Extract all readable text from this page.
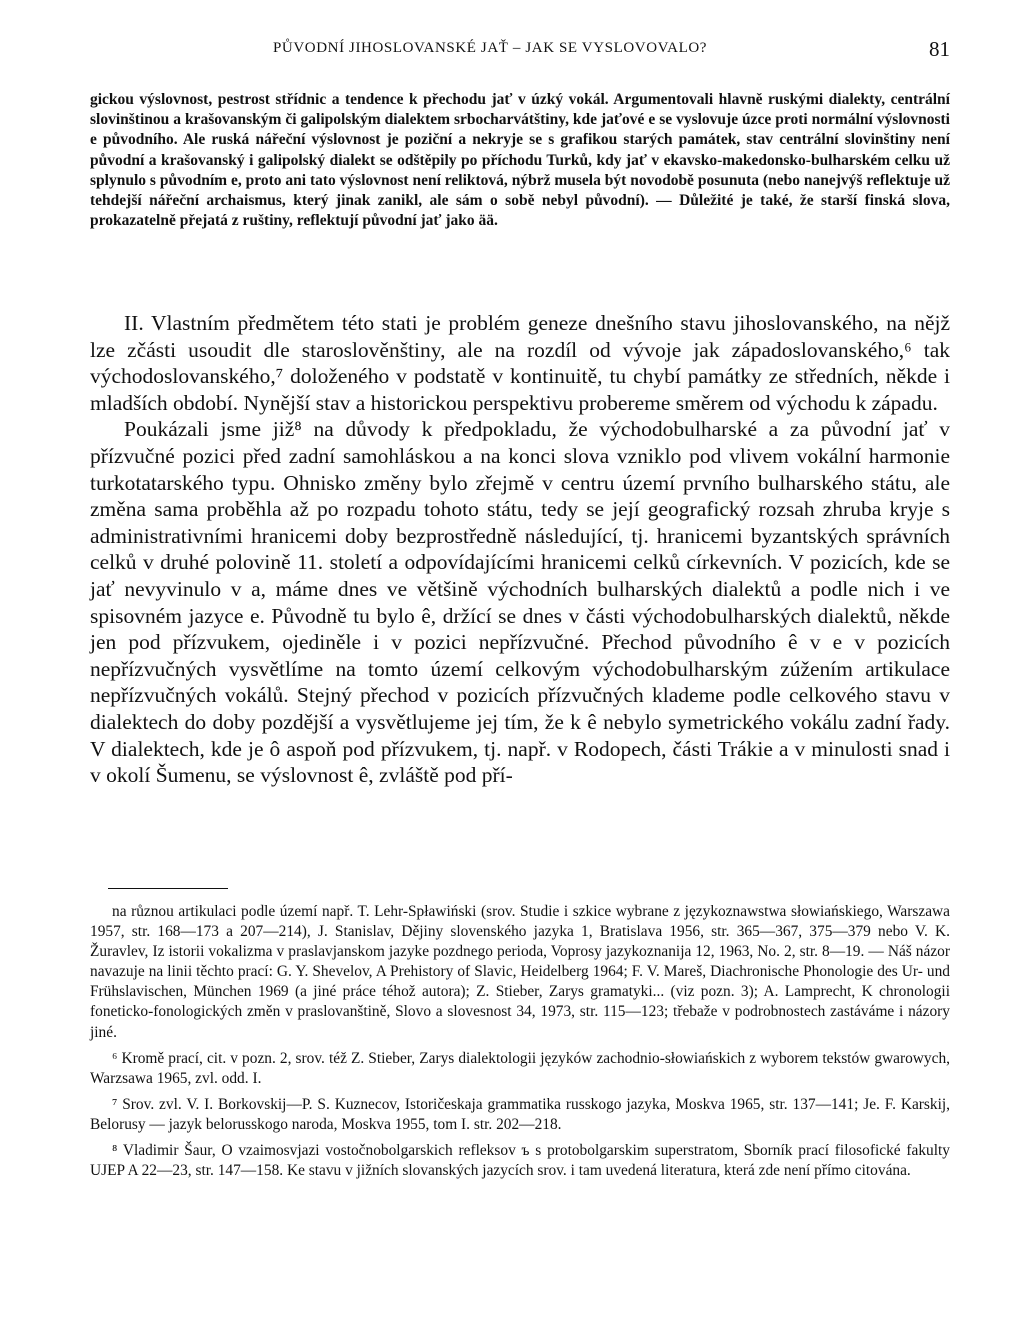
PŮVODNÍ JIHOSLOVANSKÉ JAŤ – JAK SE VYSLOVOVALO?	81

gickou výslovnost, pestrost střídnic a tendence k přechodu jať v úzký vokál. Argumentovali hlavně ruskými dialekty, centrální slovinštinou a krašovanským či galipolským dialektem srbocharvátštiny, kde jaťové e se vyslovuje úzce proti normální výslovnosti e původního. Ale ruská nářeční výslovnost je poziční a nekryje se s grafikou starých památek, stav centrální slovinštiny není původní a krašovanský i galipolský dialekt se odštěpily po příchodu Turků, kdy jať v ekavsko-makedonsko-bulharském celku už splynulo s původním e, proto ani tato výslovnost není reliktová, nýbrž musela být novodobě posunuta (nebo nanejvýš reflektuje už tehdejší nářeční archaismus, který jinak zanikl, ale sám o sobě nebyl původní). — Důležité je také, že starší finská slova, prokazatelně přejatá z ruštiny, reflektují původní jať jako ää.

II. Vlastním předmětem této stati je problém geneze dnešního stavu jihoslovanského, na nějž lze zčásti usoudit dle staroslověnštiny, ale na rozdíl od vývoje jak západoslovanského,⁶ tak východoslovanského,⁷ doloženého v podstatě v kontinuitě, tu chybí památky ze středních, někde i mladších období. Nynější stav a historickou perspektivu probereme směrem od východu k západu.

Poukázali jsme již⁸ na důvody k předpokladu, že východobulharské a za původní jať v přízvučné pozici před zadní samohláskou a na konci slova vzniklo pod vlivem vokální harmonie turkotatarského typu. Ohnisko změny bylo zřejmě v centru území prvního bulharského státu, ale změna sama proběhla až po rozpadu tohoto státu, tedy se její geografický rozsah zhruba kryje s administrativními hranicemi doby bezprostředně následující, tj. hranicemi byzantských správních celků v druhé polovině 11. století a odpovídajícími hranicemi celků církevních. V pozicích, kde se jať nevyvinulo v a, máme dnes ve většině východních bulharských dialektů a podle nich i ve spisovném jazyce e. Původně tu bylo ê, držící se dnes v části východobulharských dialektů, někde jen pod přízvukem, ojediněle i v pozici nepřízvučné. Přechod původního ê v e v pozicích nepřízvučných vysvětlíme na tomto území celkovým východobulharským zúžením artikulace nepřízvučných vokálů. Stejný přechod v pozicích přízvučných klademe podle celkového stavu v dialektech do doby pozdější a vysvětlujeme jej tím, že k ê nebylo symetrického vokálu zadní řady. V dialektech, kde je ô aspoň pod přízvukem, tj. např. v Rodopech, části Trákie a v minulosti snad i v okolí Šumenu, se výslovnost ê, zvláště pod pří-

na různou artikulaci podle území např. T. Lehr-Spławiński (srov. Studie i szkice wybrane z językoznawstwa słowiańskiego, Warszawa 1957, str. 168—173 a 207—214), J. Stanislav, Dějiny slovenského jazyka 1, Bratislava 1956, str. 365—367, 375—379 nebo V. K. Žuravlev, Iz istorii vokalizma v praslavjanskom jazyke pozdnego perioda, Voprosy jazykoznanija 12, 1963, No. 2, str. 8—19. — Náš názor navazuje na linii těchto prací: G. Y. Shevelov, A Prehistory of Slavic, Heidelberg 1964; F. V. Mareš, Diachronische Phonologie des Ur- und Frühslavischen, München 1969 (a jiné práce téhož autora); Z. Stieber, Zarys gramatyki... (viz pozn. 3); A. Lamprecht, K chronologii foneticko-fonologických změn v praslovanštině, Slovo a slovesnost 34, 1973, str. 115—123; třebaže v podrobnostech zastáváme i názory jiné.

⁶ Kromě prací, cit. v pozn. 2, srov. též Z. Stieber, Zarys dialektologii języków zachodnio-słowiańskich z wyborem tekstów gwarowych, Warzsawa 1965, zvl. odd. I.

⁷ Srov. zvl. V. I. Borkovskij—P. S. Kuznecov, Istoričeskaja grammatika russkogo jazyka, Moskva 1965, str. 137—141; Je. F. Karskij, Belorusy — jazyk belorusskogo naroda, Moskva 1955, tom I. str. 202—218.

⁸ Vladimir Šaur, O vzaimosvjazi vostočnobolgarskich refleksov ъ s protobolgarskim superstratom, Sborník prací filosofické fakulty UJEP A 22—23, str. 147—158. Ke stavu v jižních slovanských jazycích srov. i tam uvedená literatura, která zde není přímo citována.
